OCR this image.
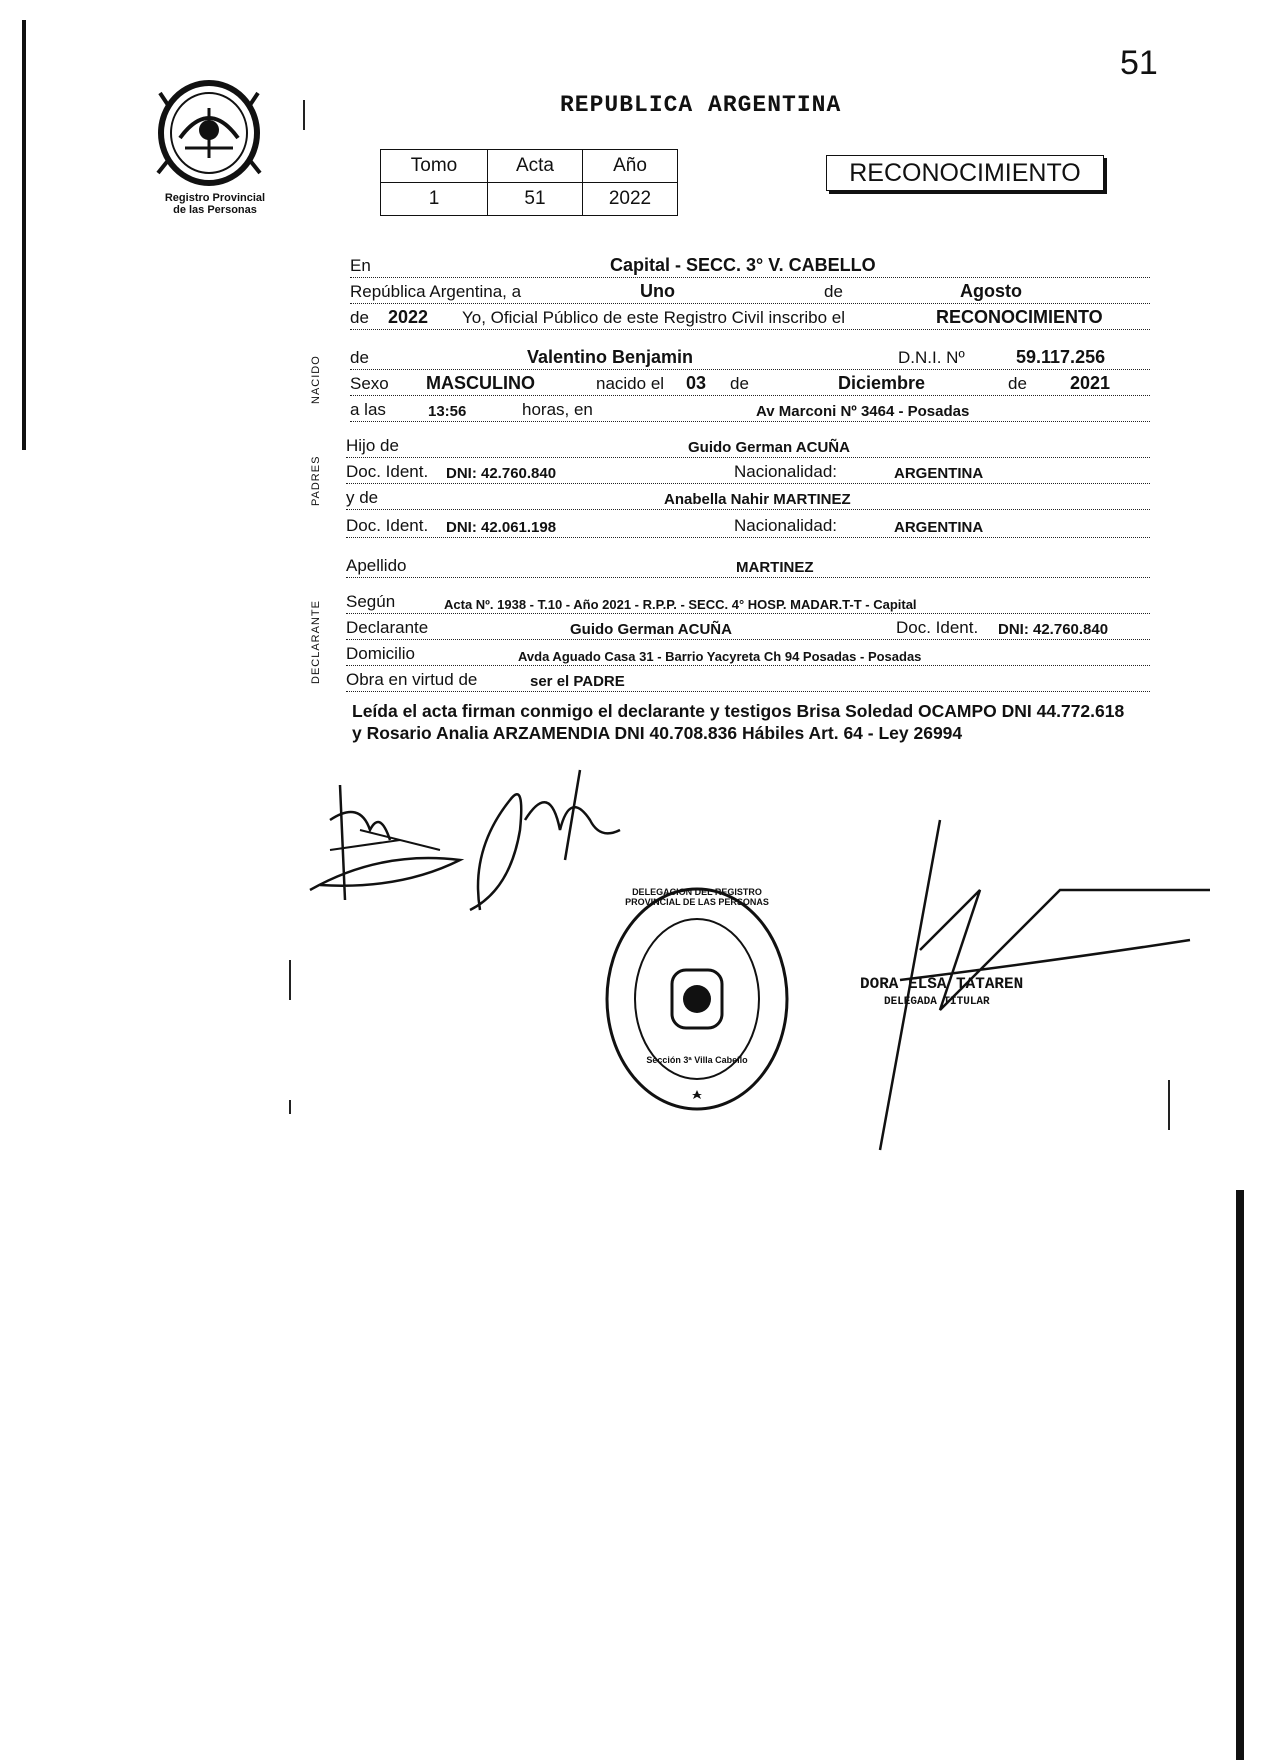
51
Registro Provincial
de las Personas
REPUBLICA ARGENTINA
Tomo	Acta	Año
1	51	2022
RECONOCIMIENTO
NACIDO
PADRES
DECLARANTE
En	Capital - SECC. 3° V. CABELLO
República Argentina, a	Uno	de	Agosto
de 2022 Yo, Oficial Público de este Registro Civil inscribo el	RECONOCIMIENTO
de	Valentino Benjamin	D.N.I. Nº	59.117.256
Sexo MASCULINO	nacido el 03 de	Diciembre	de 2021
a las	13:56	horas, en	Av Marconi Nº 3464 - Posadas
Hijo de	Guido German ACUÑA
Doc. Ident. DNI: 42.760.840	Nacionalidad:	ARGENTINA
y de	Anabella Nahir MARTINEZ
Doc. Ident. DNI: 42.061.198	Nacionalidad:	ARGENTINA
Apellido	MARTINEZ
Según	Acta Nº. 1938 - T.10 - Año 2021 - R.P.P. - SECC. 4° HOSP. MADAR.T-T - Capital
Declarante	Guido German ACUÑA	Doc. Ident. DNI: 42.760.840
Domicilio	Avda Aguado Casa 31 - Barrio Yacyreta Ch 94 Posadas - Posadas
Obra en virtud de	ser el PADRE
Leída el acta firman conmigo el declarante y testigos Brisa Soledad OCAMPO DNI 44.772.618 y Rosario Analia ARZAMENDIA DNI 40.708.836 Hábiles Art. 64 - Ley 26994
DELEGACION DEL REGISTRO PROVINCIAL DE LAS PERSONAS
Sección 3ª Villa Cabello
DORA ELSA TATAREN
DELEGADA TITULAR
